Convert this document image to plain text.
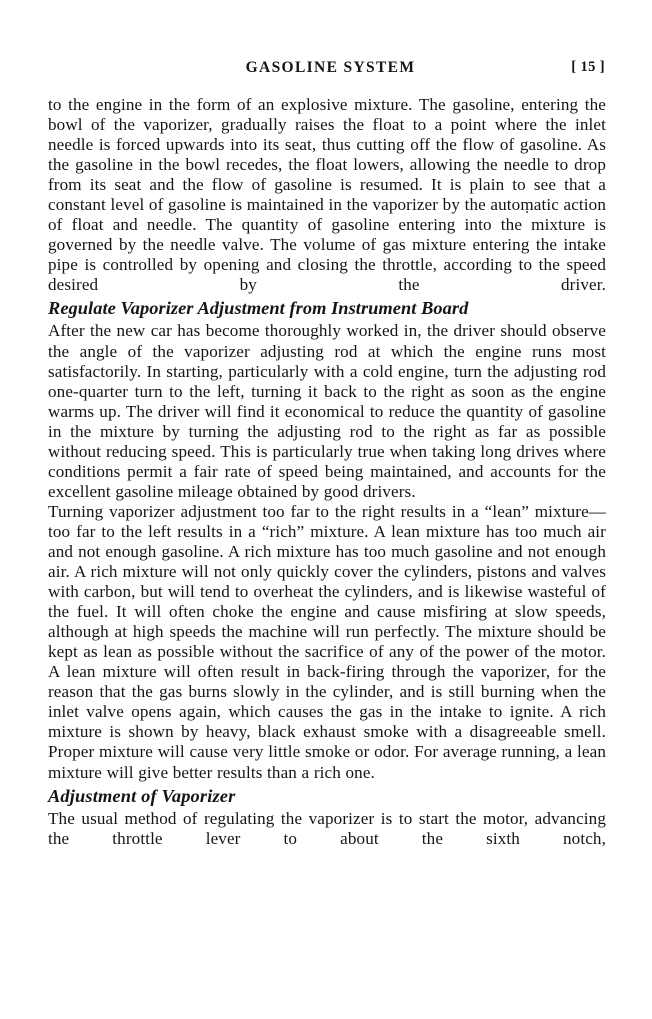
GASOLINE SYSTEM	[ 15 ]

to the engine in the form of an explosive mixture. The gasoline, entering the bowl of the vaporizer, gradually raises the float to a point where the inlet needle is forced upwards into its seat, thus cutting off the flow of gasoline. As the gasoline in the bowl recedes, the float lowers, allowing the needle to drop from its seat and the flow of gasoline is resumed. It is plain to see that a constant level of gasoline is maintained in the vaporizer by the autoṃatic action of float and needle. The quantity of gasoline entering into the mixture is governed by the needle valve. The volume of gas mixture entering the intake pipe is controlled by opening and closing the throttle, according to the speed desired by the driver.

Regulate Vaporizer Adjustment from Instrument Board

After the new car has become thoroughly worked in, the driver should observe the angle of the vaporizer adjusting rod at which the engine runs most satisfactorily. In starting, particularly with a cold engine, turn the adjusting rod one-quarter turn to the left, turning it back to the right as soon as the engine warms up. The driver will find it economical to reduce the quantity of gasoline in the mixture by turning the adjusting rod to the right as far as possible without reducing speed. This is particularly true when taking long drives where conditions permit a fair rate of speed being maintained, and accounts for the excellent gasoline mileage obtained by good drivers.

Turning vaporizer adjustment too far to the right results in a “lean” mixture—too far to the left results in a “rich” mixture. A lean mixture has too much air and not enough gasoline. A rich mixture has too much gasoline and not enough air. A rich mixture will not only quickly cover the cylinders, pistons and valves with carbon, but will tend to overheat the cylinders, and is likewise wasteful of the fuel. It will often choke the engine and cause misfiring at slow speeds, although at high speeds the machine will run perfectly. The mixture should be kept as lean as possible without the sacrifice of any of the power of the motor. A lean mixture will often result in back-firing through the vaporizer, for the reason that the gas burns slowly in the cylinder, and is still burning when the inlet valve opens again, which causes the gas in the intake to ignite. A rich mixture is shown by heavy, black exhaust smoke with a disagreeable smell. Proper mixture will cause very little smoke or odor. For average running, a lean mixture will give better results than a rich one.

Adjustment of Vaporizer

The usual method of regulating the vaporizer is to start the motor, advancing the throttle lever to about the sixth notch,
